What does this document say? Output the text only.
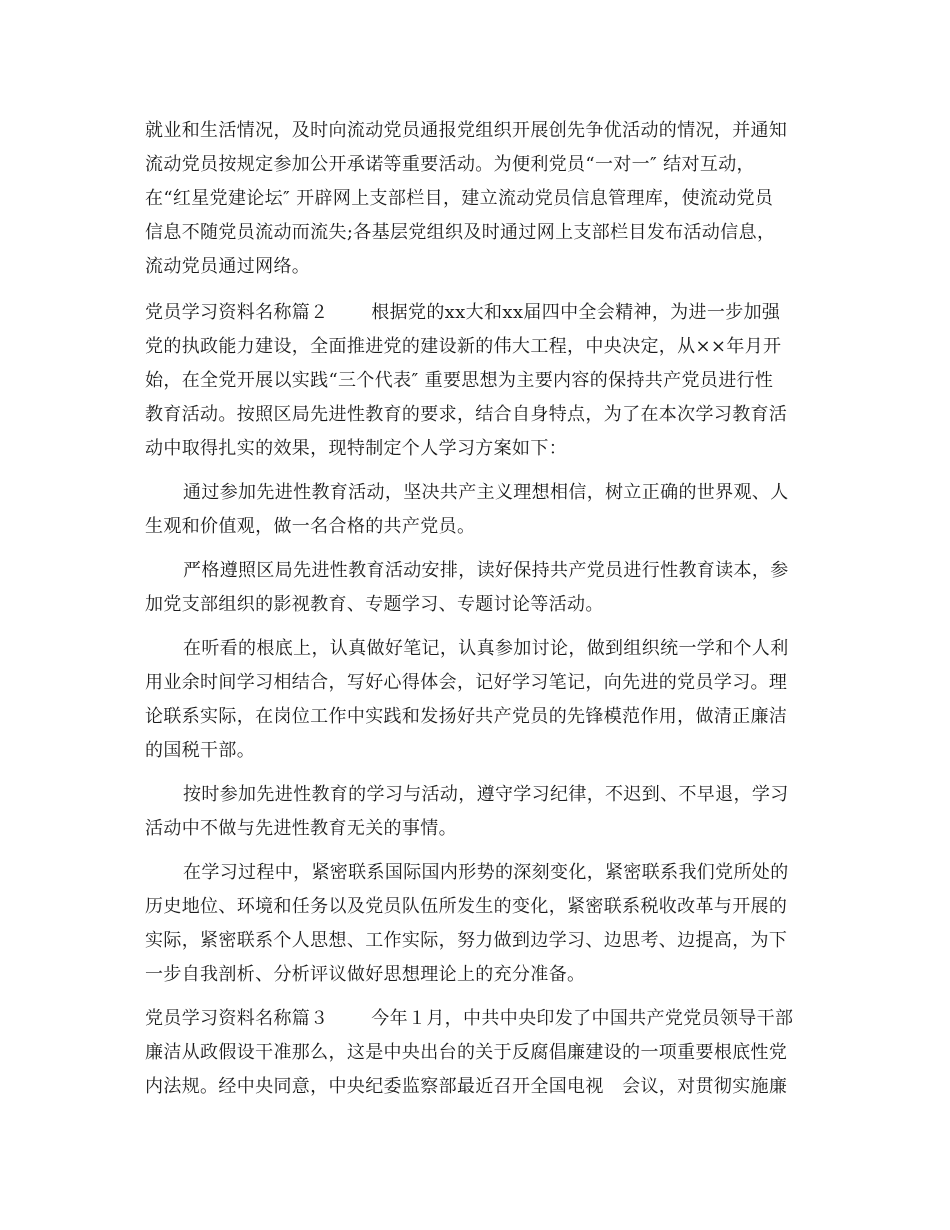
就业和生活情况，及时向流动党员通报党组织开展创先争优活动的情况，并通知
流动党员按规定参加公开承诺等重要活动。为便利党员“一对一″ 结对互动，
在“红星党建论坛″ 开辟网上支部栏目，建立流动党员信息管理库，使流动党员
信息不随党员流动而流失;各基层党组织及时通过网上支部栏目发布活动信息，
流动党员通过网络。
党员学习资料名称篇２　　 根据党的xx大和xx届四中全会精神，为进一步加强
党的执政能力建设，全面推进党的建设新的伟大工程，中央决定，从××年月开
始，在全党开展以实践“三个代表″ 重要思想为主要内容的保持共产党员进行性
教育活动。按照区局先进性教育的要求，结合自身特点，为了在本次学习教育活
动中取得扎实的效果，现特制定个人学习方案如下：
通过参加先进性教育活动，坚决共产主义理想相信，树立正确的世界观、人
生观和价值观，做一名合格的共产党员。
严格遵照区局先进性教育活动安排，读好保持共产党员进行性教育读本，参
加党支部组织的影视教育、专题学习、专题讨论等活动。
在听看的根底上，认真做好笔记，认真参加讨论，做到组织统一学和个人利
用业余时间学习相结合，写好心得体会，记好学习笔记，向先进的党员学习。理
论联系实际，在岗位工作中实践和发扬好共产党员的先锋模范作用，做清正廉洁
的国税干部。
按时参加先进性教育的学习与活动，遵守学习纪律，不迟到、不早退，学习
活动中不做与先进性教育无关的事情。
在学习过程中，紧密联系国际国内形势的深刻变化，紧密联系我们党所处的
历史地位、环境和任务以及党员队伍所发生的变化，紧密联系税收改革与开展的
实际，紧密联系个人思想、工作实际，努力做到边学习、边思考、边提高，为下
一步自我剖析、分析评议做好思想理论上的充分准备。
党员学习资料名称篇３　　 今年１月，中共中央印发了中国共产党党员领导干部
廉洁从政假设干准那么，这是中央出台的关于反腐倡廉建设的一项重要根底性党
内法规。经中央同意，中央纪委监察部最近召开全国电视　会议，对贯彻实施廉
